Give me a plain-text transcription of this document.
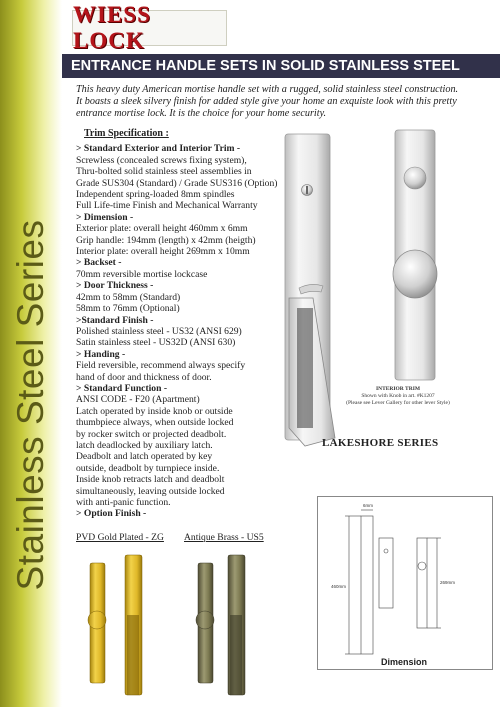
Stainless Steel Series
WIESS LOCK
ENTRANCE HANDLE SETS IN SOLID STAINLESS STEEL
This heavy duty American mortise handle set with a rugged, solid stainless steel construction.
It boasts a sleek silvery finish for added style give your home an exquiste look with this pretty
entrance mortise lock. It is the choice for your home security.
Trim Specification :
> Standard Exterior and Interior Trim -
Screwless (concealed screws fixing system),
Thru-bolted solid stainless steel assemblies in
Grade SUS304 (Standard) / Grade SUS316 (Option)
Independent spring-loaded 8mm spindles
Full Life-time Finish and Mechanical Warranty
> Dimension -
Exterior plate: overall height 460mm x 6mm
Grip handle: 194mm (length) x 42mm (heigth)
Interior plate: overall height 269mm x 10mm
> Backset -
70mm reversible mortise lockcase
> Door Thickness -
42mm to 58mm (Standard)
58mm to 76mm (Optional)
>Standard Finish -
Polished stainless steel - US32 (ANSI 629)
Satin stainless steel - US32D (ANSI 630)
> Handing -
Field reversible, recommend always specify
hand of door and thickness of door.
> Standard Function -
ANSI CODE - F20 (Apartment)
Latch operated by inside knob or outside
thumbpiece always, when outside locked
by rocker switch or projected deadbolt.
latch deadlocked by auxiliary latch.
Deadbolt and latch operated by key
outside, deadbolt by turnpiece inside.
Inside knob retracts latch and deadbolt
simultaneously, leaving outside locked
with anti-panic function.
> Option Finish -
PVD Gold Plated - ZG Antique Brass - US5
INTERIOR TRIM
Shown with Knob in art. #K1207
(Please see Lever Gallery for other lever Style)
LAKESHORE SERIES
6mm
460mm
269mm
Dimension
